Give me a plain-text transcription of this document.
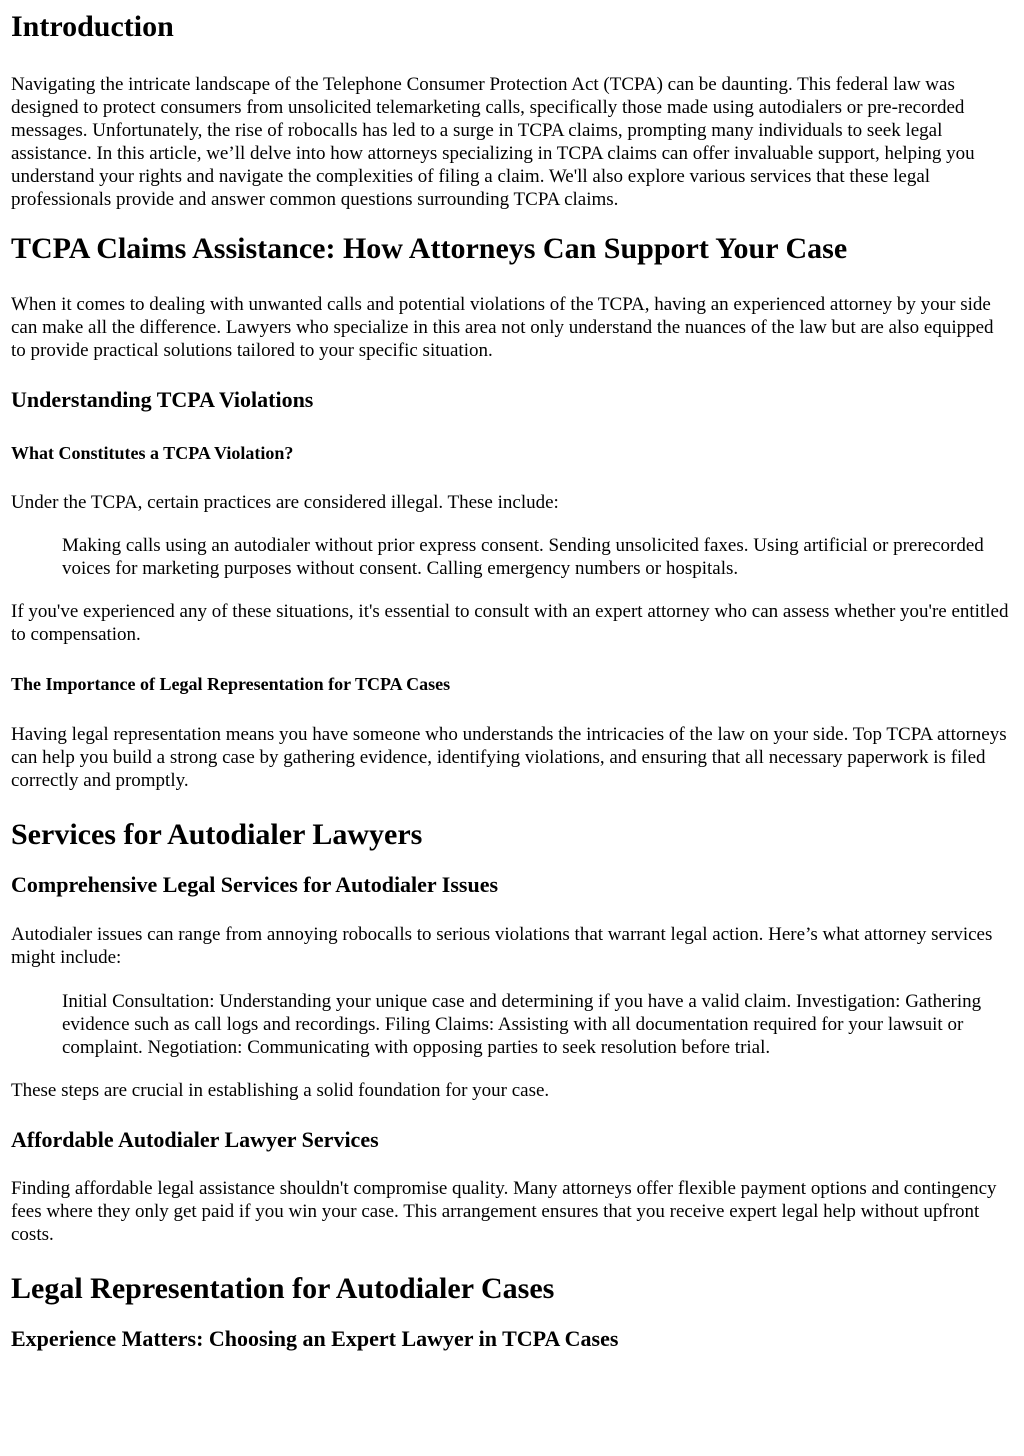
Introduction

Navigating the intricate landscape of the Telephone Consumer Protection Act (TCPA) can be daunting. This federal law was designed to protect consumers from unsolicited telemarketing calls, specifically those made using autodialers or pre-recorded messages. Unfortunately, the rise of robocalls has led to a surge in TCPA claims, prompting many individuals to seek legal assistance. In this article, we’ll delve into how attorneys specializing in TCPA claims can offer invaluable support, helping you understand your rights and navigate the complexities of filing a claim. We'll also explore various services that these legal professionals provide and answer common questions surrounding TCPA claims.

TCPA Claims Assistance: How Attorneys Can Support Your Case

When it comes to dealing with unwanted calls and potential violations of the TCPA, having an experienced attorney by your side can make all the difference. Lawyers who specialize in this area not only understand the nuances of the law but are also equipped to provide practical solutions tailored to your specific situation.

Understanding TCPA Violations
What Constitutes a TCPA Violation?

Under the TCPA, certain practices are considered illegal. These include:

Making calls using an autodialer without prior express consent. Sending unsolicited faxes. Using artificial or prerecorded voices for marketing purposes without consent. Calling emergency numbers or hospitals.

If you've experienced any of these situations, it's essential to consult with an expert attorney who can assess whether you're entitled to compensation.

The Importance of Legal Representation for TCPA Cases

Having legal representation means you have someone who understands the intricacies of the law on your side. Top TCPA attorneys can help you build a strong case by gathering evidence, identifying violations, and ensuring that all necessary paperwork is filed correctly and promptly.

Services for Autodialer Lawyers
Comprehensive Legal Services for Autodialer Issues

Autodialer issues can range from annoying robocalls to serious violations that warrant legal action. Here’s what attorney services might include:

Initial Consultation: Understanding your unique case and determining if you have a valid claim. Investigation: Gathering evidence such as call logs and recordings. Filing Claims: Assisting with all documentation required for your lawsuit or complaint. Negotiation: Communicating with opposing parties to seek resolution before trial.

These steps are crucial in establishing a solid foundation for your case.

Affordable Autodialer Lawyer Services

Finding affordable legal assistance shouldn't compromise quality. Many attorneys offer flexible payment options and contingency fees where they only get paid if you win your case. This arrangement ensures that you receive expert legal help without upfront costs.

Legal Representation for Autodialer Cases
Experience Matters: Choosing an Expert Lawyer in TCPA Cases
